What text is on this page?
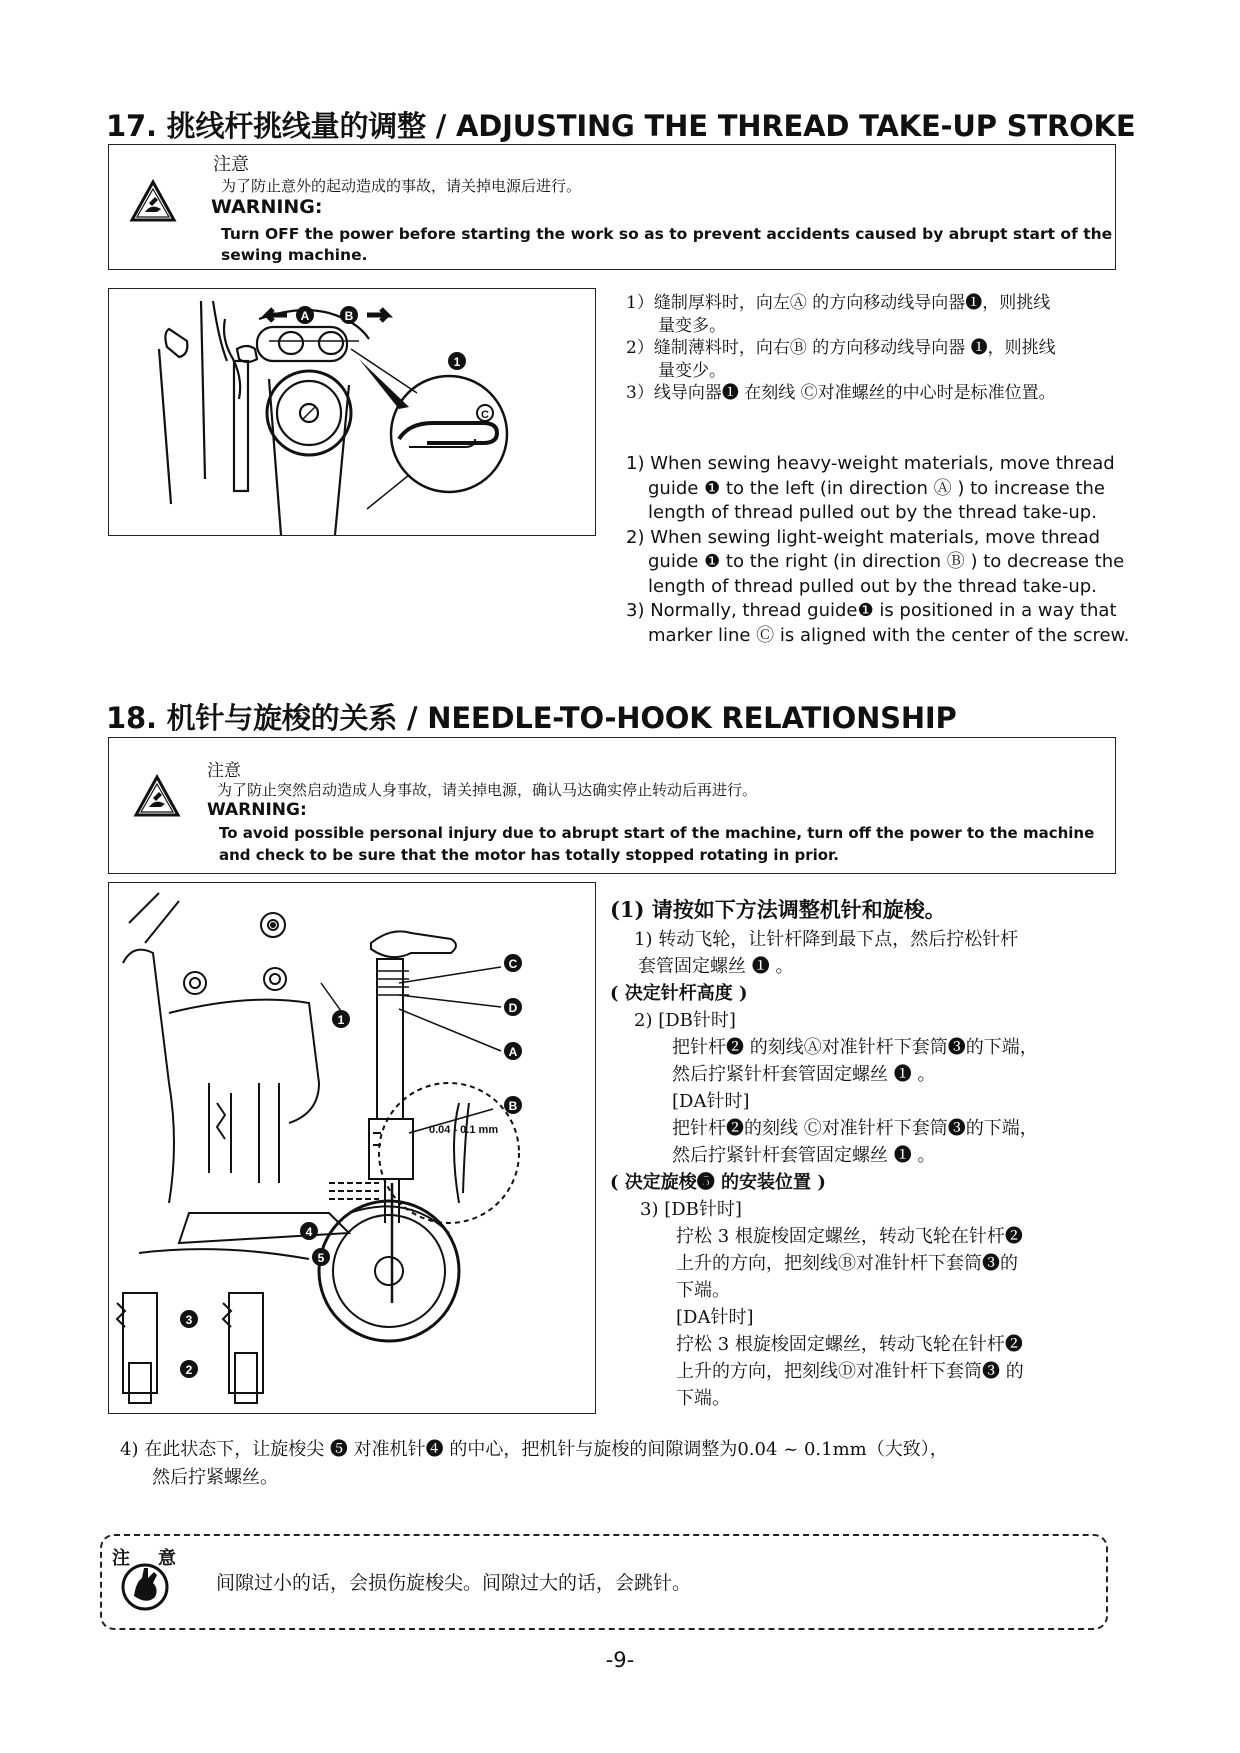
17. 挑线杆挑线量的调整 / ADJUSTING THE THREAD TAKE-UP STROKE
注意
为了防止意外的起动造成的事故，请关掉电源后进行。
WARNING:
Turn OFF the power before starting the work so as to prevent accidents caused by abrupt start of the
sewing machine.
A	B
1
C
1）缝制厚料时，向左Ⓐ 的方向移动线导向器❶，则挑线
量变多。
2）缝制薄料时，向右Ⓑ 的方向移动线导向器 ❶，则挑线
量变少。
3）线导向器❶ 在刻线 Ⓒ对准螺丝的中心时是标准位置。
1) When sewing heavy-weight materials, move thread
guide ❶ to the left (in direction Ⓐ ) to increase the
length of thread pulled out by the thread take-up.
2) When sewing light-weight materials, move thread
guide ❶ to the right (in direction Ⓑ ) to decrease the
length of thread pulled out by the thread take-up.
3) Normally, thread guide❶ is positioned in a way that
marker line Ⓒ is aligned with the center of the screw.
18. 机针与旋梭的关系 / NEEDLE-TO-HOOK RELATIONSHIP
注意
为了防止突然启动造成人身事故，请关掉电源，确认马达确实停止转动后再进行。
WARNING:
To avoid possible personal injury due to abrupt start of the machine, turn off the power to the machine
and check to be sure that the motor has totally stopped rotating in prior.
C
D
A
B
1
4
5
2
3
0.04 - 0.1 mm
(1) 请按如下方法调整机针和旋梭。
1) 转动飞轮，让针杆降到最下点，然后拧松针杆
套管固定螺丝 ❶ 。
( 决定针杆高度 )
2) [DB针时]
把针杆❷ 的刻线Ⓐ对准针杆下套筒❸的下端，
然后拧紧针杆套管固定螺丝 ❶ 。
[DA针时]
把针杆❷的刻线 Ⓒ对准针杆下套筒❸的下端，
然后拧紧针杆套管固定螺丝 ❶ 。
( 决定旋梭❺ 的安装位置 )
3) [DB针时]
拧松 3 根旋梭固定螺丝，转动飞轮在针杆❷
上升的方向，把刻线Ⓑ对准针杆下套筒❸的
下端。
[DA针时]
拧松 3 根旋梭固定螺丝，转动飞轮在针杆❷
上升的方向，把刻线Ⓓ对准针杆下套筒❸ 的
下端。
4) 在此状态下，让旋梭尖 ❺ 对准机针❹ 的中心，把机针与旋梭的间隙调整为0.04 ~ 0.1mm（大致），
然后拧紧螺丝。
注 意
间隙过小的话，会损伤旋梭尖。间隙过大的话，会跳针。
-9-
